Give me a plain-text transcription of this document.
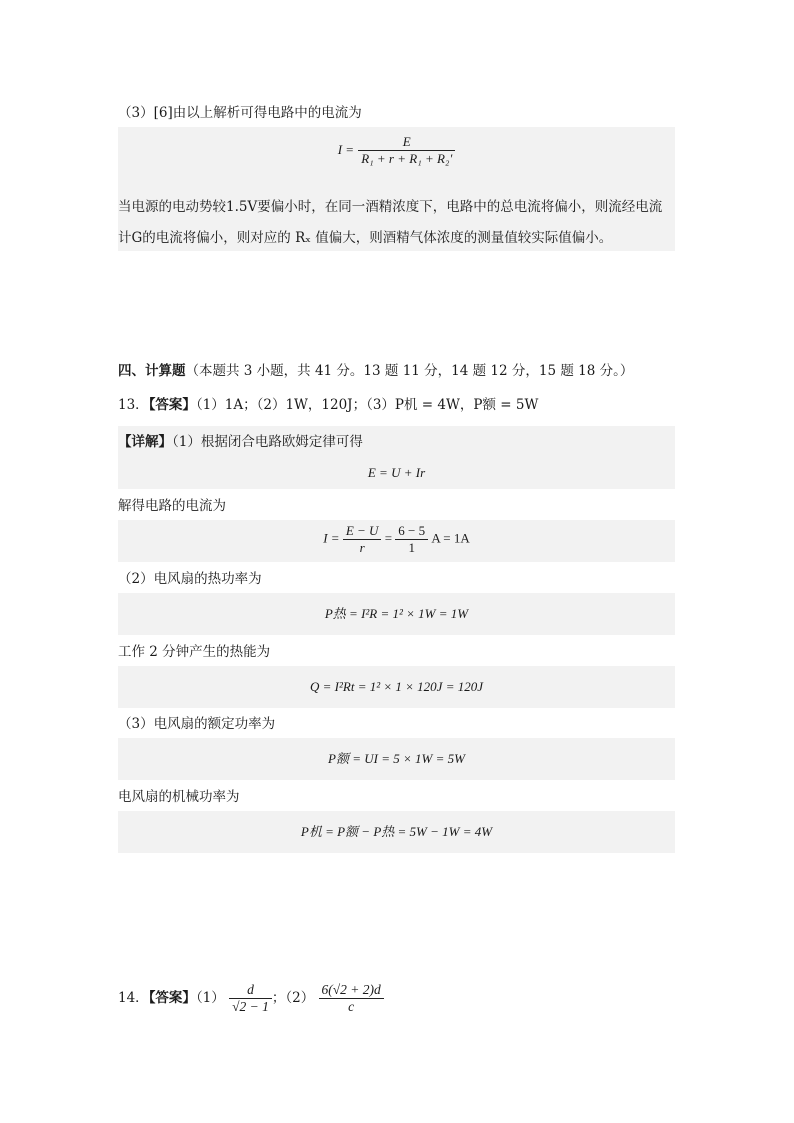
（3）[6]由以上解析可得电路中的电流为
$I = \frac{E}{\text{R₁ + r + R₁ + R₂′}}$
当电源的电动势较1.5V要偏小时，在同一酒精浓度下，电路中的总电流将偏小，则流经电流
计G的电流将偏小，则对应的 Rₓ 值偏大，则酒精气体浓度的测量值较实际值偏小。
四、计算题（本题共 3 小题，共 41 分。13 题 11 分，14 题 12 分，15 题 18 分。）
13．【答案】（1）1A；（2）1W，120J；（3）P机 = 4W，P额 = 5W
【详解】（1）根据闭合电路欧姆定律可得
E = U + Ir
解得电路的电流为
$I = \frac{E - U}{r} = \frac{6 - 5}{1}$ A = 1A
（2）电风扇的热功率为
P热 = I²R = 1² × 1W = 1W
工作 2 分钟产生的热能为
Q = I²Rt = 1² × 1 × 120J = 120J
（3）电风扇的额定功率为
P额 = UI = 5 × 1W = 5W
电风扇的机械功率为
P机 = P额 − P热 = 5W − 1W = 4W
14．【答案】$(1) \frac{d}{√2 - 1}$ ；$(2) \frac{6(√2 + 2)d}{c}$
